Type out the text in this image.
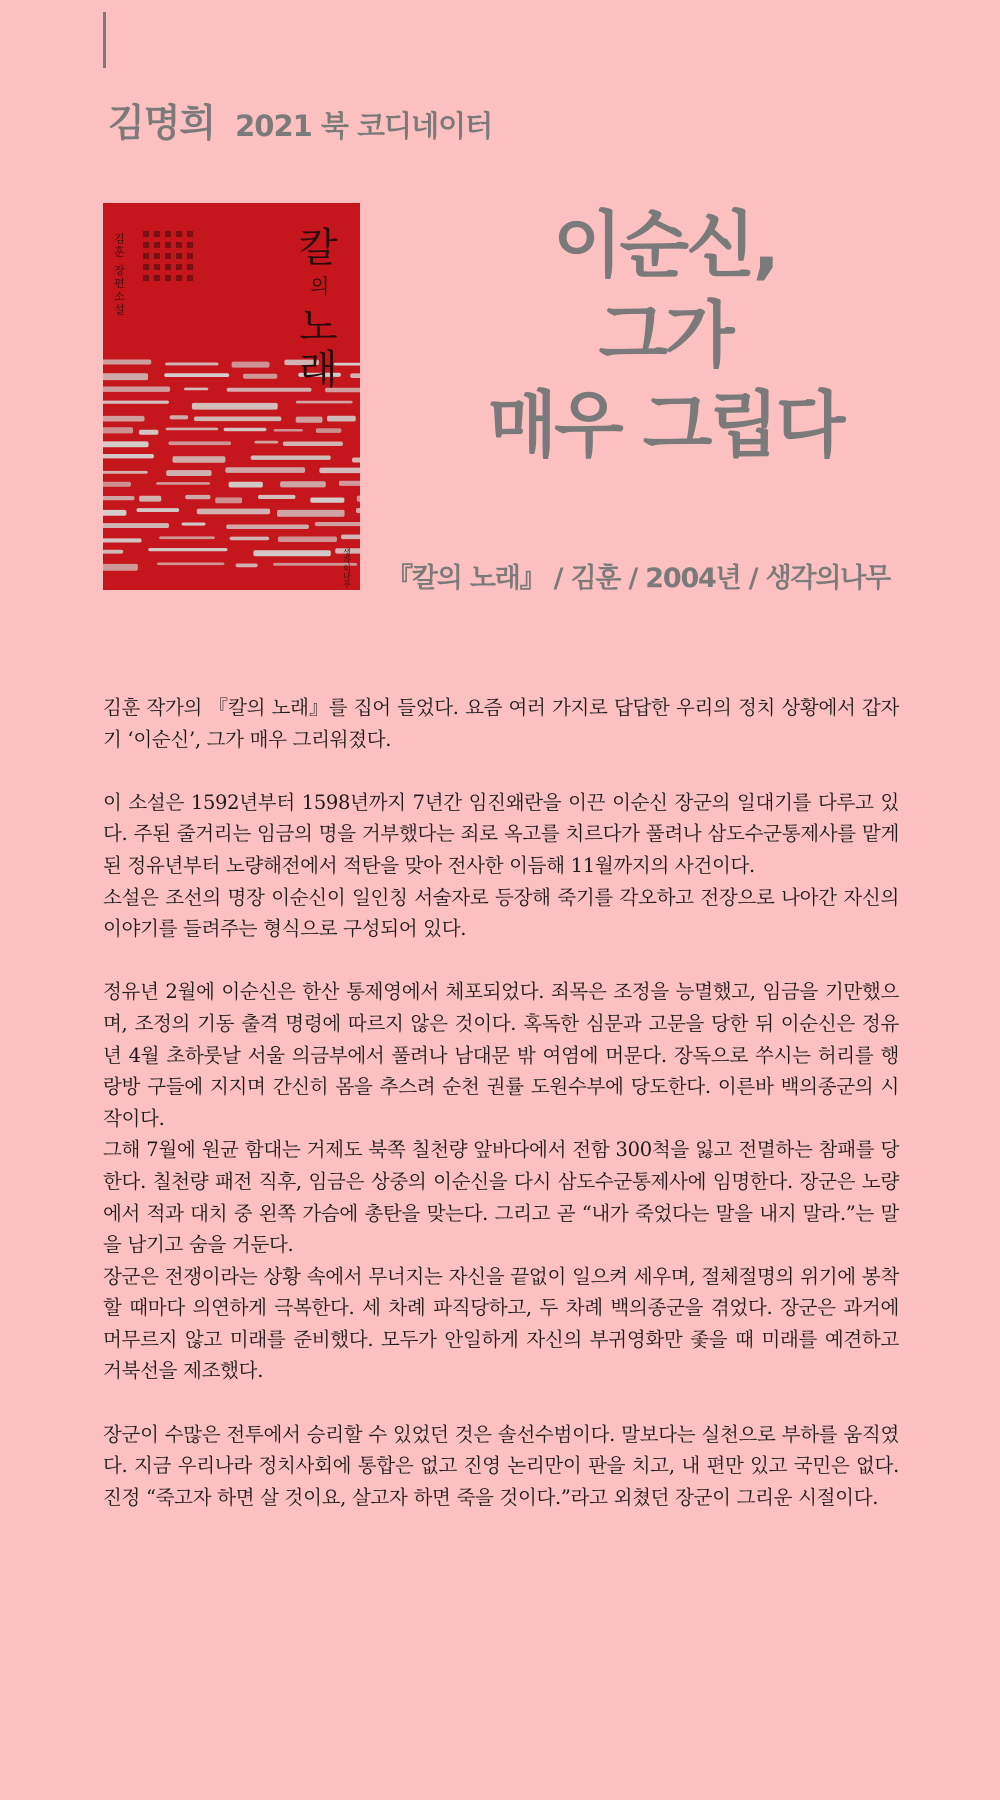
김명희 2021 북 코디네이터
김훈 장편소설	칼
의
노
래
생각의나무
이순신,
그가
매우 그립다
『칼의 노래』 / 김훈 / 2004년 / 생각의나무

김훈 작가의 『칼의 노래』를 집어 들었다. 요즘 여러 가지로 답답한 우리의 정치 상황에서 갑자기 ‘이순신’, 그가 매우 그리워졌다.

이 소설은 1592년부터 1598년까지 7년간 임진왜란을 이끈 이순신 장군의 일대기를 다루고 있다. 주된 줄거리는 임금의 명을 거부했다는 죄로 옥고를 치르다가 풀려나 삼도수군통제사를 맡게 된 정유년부터 노량해전에서 적탄을 맞아 전사한 이듬해 11월까지의 사건이다.

소설은 조선의 명장 이순신이 일인칭 서술자로 등장해 죽기를 각오하고 전장으로 나아간 자신의 이야기를 들려주는 형식으로 구성되어 있다.

정유년 2월에 이순신은 한산 통제영에서 체포되었다. 죄목은 조정을 능멸했고, 임금을 기만했으며, 조정의 기동 출격 명령에 따르지 않은 것이다. 혹독한 심문과 고문을 당한 뒤 이순신은 정유년 4월 초하룻날 서울 의금부에서 풀려나 남대문 밖 여염에 머문다. 장독으로 쑤시는 허리를 행랑방 구들에 지지며 간신히 몸을 추스려 순천 권률 도원수부에 당도한다. 이른바 백의종군의 시작이다.

그해 7월에 원균 함대는 거제도 북쪽 칠천량 앞바다에서 전함 300척을 잃고 전멸하는 참패를 당한다. 칠천량 패전 직후, 임금은 상중의 이순신을 다시 삼도수군통제사에 임명한다. 장군은 노량에서 적과 대치 중 왼쪽 가슴에 총탄을 맞는다. 그리고 곧 “내가 죽었다는 말을 내지 말라.”는 말을 남기고 숨을 거둔다.

장군은 전쟁이라는 상황 속에서 무너지는 자신을 끝없이 일으켜 세우며, 절체절명의 위기에 봉착할 때마다 의연하게 극복한다. 세 차례 파직당하고, 두 차례 백의종군을 겪었다. 장군은 과거에 머무르지 않고 미래를 준비했다. 모두가 안일하게 자신의 부귀영화만 좇을 때 미래를 예견하고 거북선을 제조했다.

장군이 수많은 전투에서 승리할 수 있었던 것은 솔선수범이다. 말보다는 실천으로 부하를 움직였다. 지금 우리나라 정치사회에 통합은 없고 진영 논리만이 판을 치고, 내 편만 있고 국민은 없다. 진정 “죽고자 하면 살 것이요, 살고자 하면 죽을 것이다.”라고 외쳤던 장군이 그리운 시절이다.
